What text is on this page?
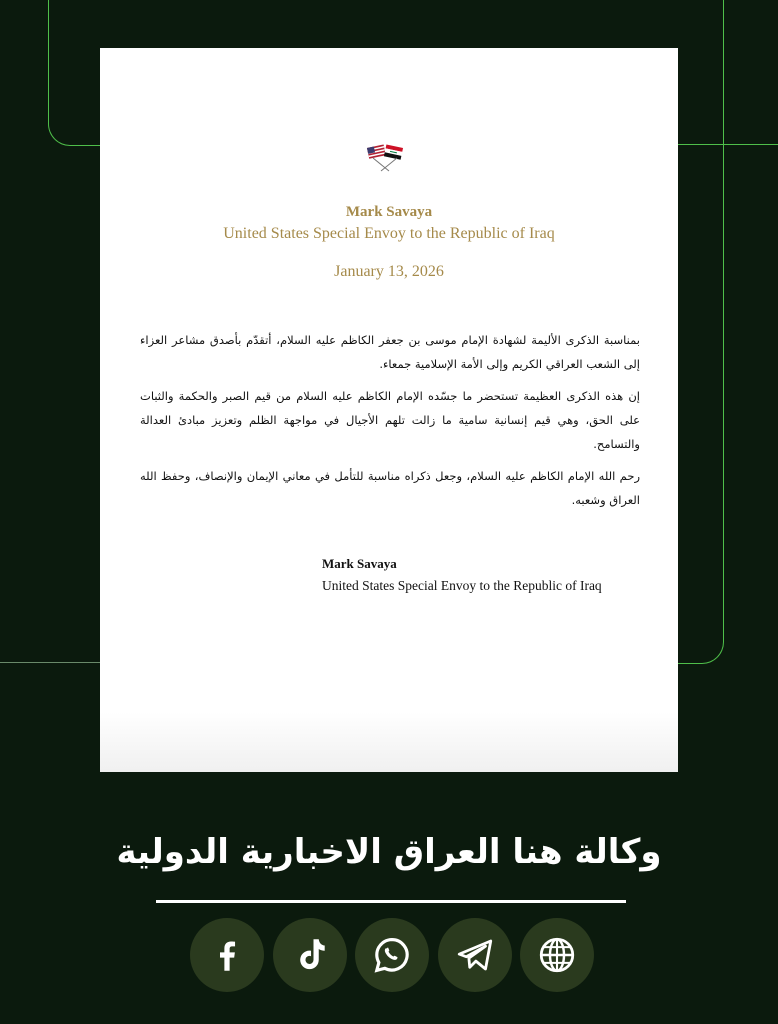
Mark Savaya
United States Special Envoy to the Republic of Iraq
January 13, 2026

بمناسبة الذكرى الأليمة لشهادة الإمام موسى بن جعفر الكاظم عليه السلام، أتقدّم بأصدق مشاعر العزاء إلى الشعب العراقي الكريم وإلى الأمة الإسلامية جمعاء.

إن هذه الذكرى العظيمة تستحضر ما جسّده الإمام الكاظم عليه السلام من قيم الصبر والحكمة والثبات على الحق، وهي قيم إنسانية سامية ما زالت تلهم الأجيال في مواجهة الظلم وتعزيز مبادئ العدالة والتسامح.

رحم الله الإمام الكاظم عليه السلام، وجعل ذكراه مناسبة للتأمل في معاني الإيمان والإنصاف، وحفظ الله العراق وشعبه.

Mark Savaya
United States Special Envoy to the Republic of Iraq
وكالة هنا العراق الاخبارية الدولية
